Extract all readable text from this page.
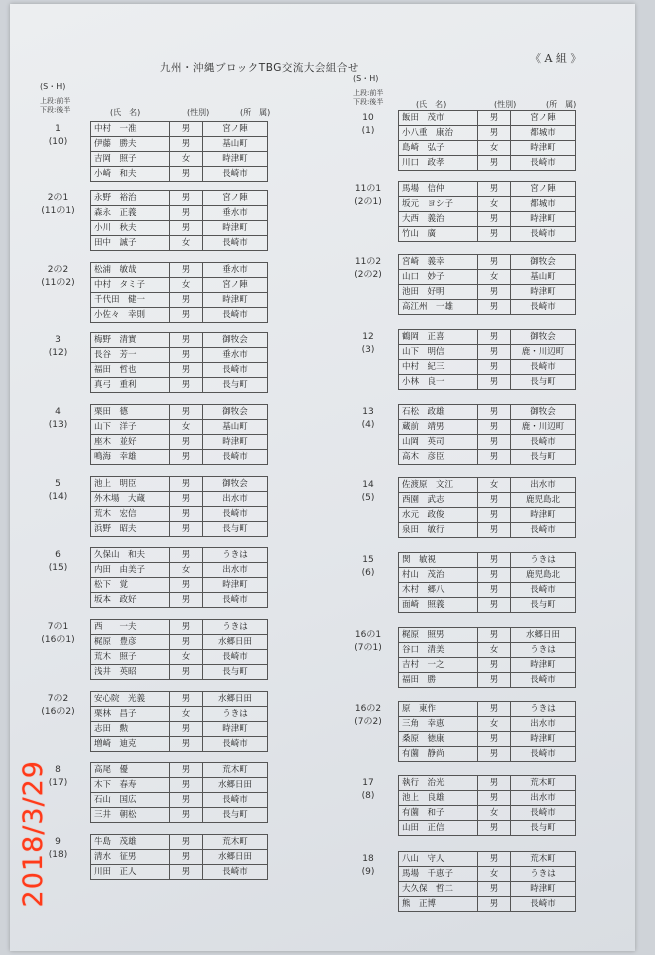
九州・沖縄ブロックTBG交流大会組合せ
《 A 組 》
(S・H)
上段:前半
下段:後半	(氏　名)	(性別)	(所　属)
(S・H)
上段:前半
下段:後半	(氏　名)	(性別)	(所　属)
1
(10)
中村　一准	男	宮ノ陣
伊藤　勝夫	男	基山町
吉岡　照子	女	時津町
小崎　和夫	男	長崎市
2の1
(11の1)
永野　裕治	男	宮ノ陣
森永　正義	男	垂水市
小川　秋夫	男	時津町
田中　誠子	女	長崎市
2の2
(11の2)
松浦　敏哉	男	垂水市
中村　タミ子	女	宮ノ陣
千代田　健一	男	時津町
小佐々　幸則	男	長崎市
3
(12)
梅野　清實	男	御牧会
長谷　芳一	男	垂水市
福田　哲也	男	長崎市
真弓　重利	男	長与町
4
(13)
栗田　德	男	御牧会
山下　洋子	女	基山町
座木　並好	男	時津町
鳴海　幸雄	男	長崎市
5
(14)
池上　明臣	男	御牧会
外木場　大蔵	男	出水市
荒木　宏信	男	長崎市
浜野　昭夫	男	長与町
6
(15)
久保山　和夫	男	うきは
内田　由美子	女	出水市
松下　覚	男	時津町
坂本　政好	男	長崎市
7の1
(16の1)
西　　一夫	男	うきは
梶原　豊彦	男	水郷日田
荒木　照子	女	長崎市
浅井　英昭	男	長与町
7の2
(16の2)
安心院　光義	男	水郷日田
栗林　昌子	女	うきは
志田　勲	男	時津町
増崎　迪克	男	長崎市
8
(17)
高尾　優	男	荒木町
木下　春寿	男	水郷日田
石山　国広	男	長崎市
三井　朝松	男	長与町
9
(18)
牛島　茂雄	男	荒木町
清水　征男	男	水郷日田
川田　正人	男	長崎市
10
(1)
飯田　茂市	男	宮ノ陣
小八重　康治	男	都城市
島崎　弘子	女	時津町
川口　政孝	男	長崎市
11の1
(2の1)
馬場　信仲	男	宮ノ陣
坂元　ヨシ子	女	都城市
大西　義治	男	時津町
竹山　廣	男	長崎市
11の2
(2の2)
宮崎　義幸	男	御牧会
山口　妙子	女	基山町
池田　好明	男	時津町
高江州　一雄	男	長崎市
12
(3)
鶴岡　正喜	男	御牧会
山下　明信	男	鹿・川辺町
中村　紀三	男	長崎市
小林　良一	男	長与町
13
(4)
石松　政雄	男	御牧会
蔵前　靖男	男	鹿・川辺町
山岡　英司	男	長崎市
高木　彦臣	男	長与町
14
(5)
佐渡原　文江	女	出水市
西園　武志	男	鹿児島北
水元　政俊	男	時津町
泉田　敏行	男	長崎市
15
(6)
関　敏視	男	うきは
村山　茂治	男	鹿児島北
木村　郷八	男	長崎市
面崎　照義	男	長与町
16の1
(7の1)
梶原　照男	男	水郷日田
谷口　清美	女	うきは
吉村　一之	男	時津町
福田　勝	男	長崎市
16の2
(7の2)
原　東作	男	うきは
三角　幸恵	女	出水市
桑原　徳康	男	時津町
有薗　静尚	男	長崎市
17
(8)
執行　治光	男	荒木町
池上　良雄	男	出水市
有薗　和子	女	長崎市
山田　正信	男	長与町
18
(9)
八山　守人	男	荒木町
馬場　千恵子	女	うきは
大久保　哲二	男	時津町
熊　正博	男	長崎市
2018/3/29
